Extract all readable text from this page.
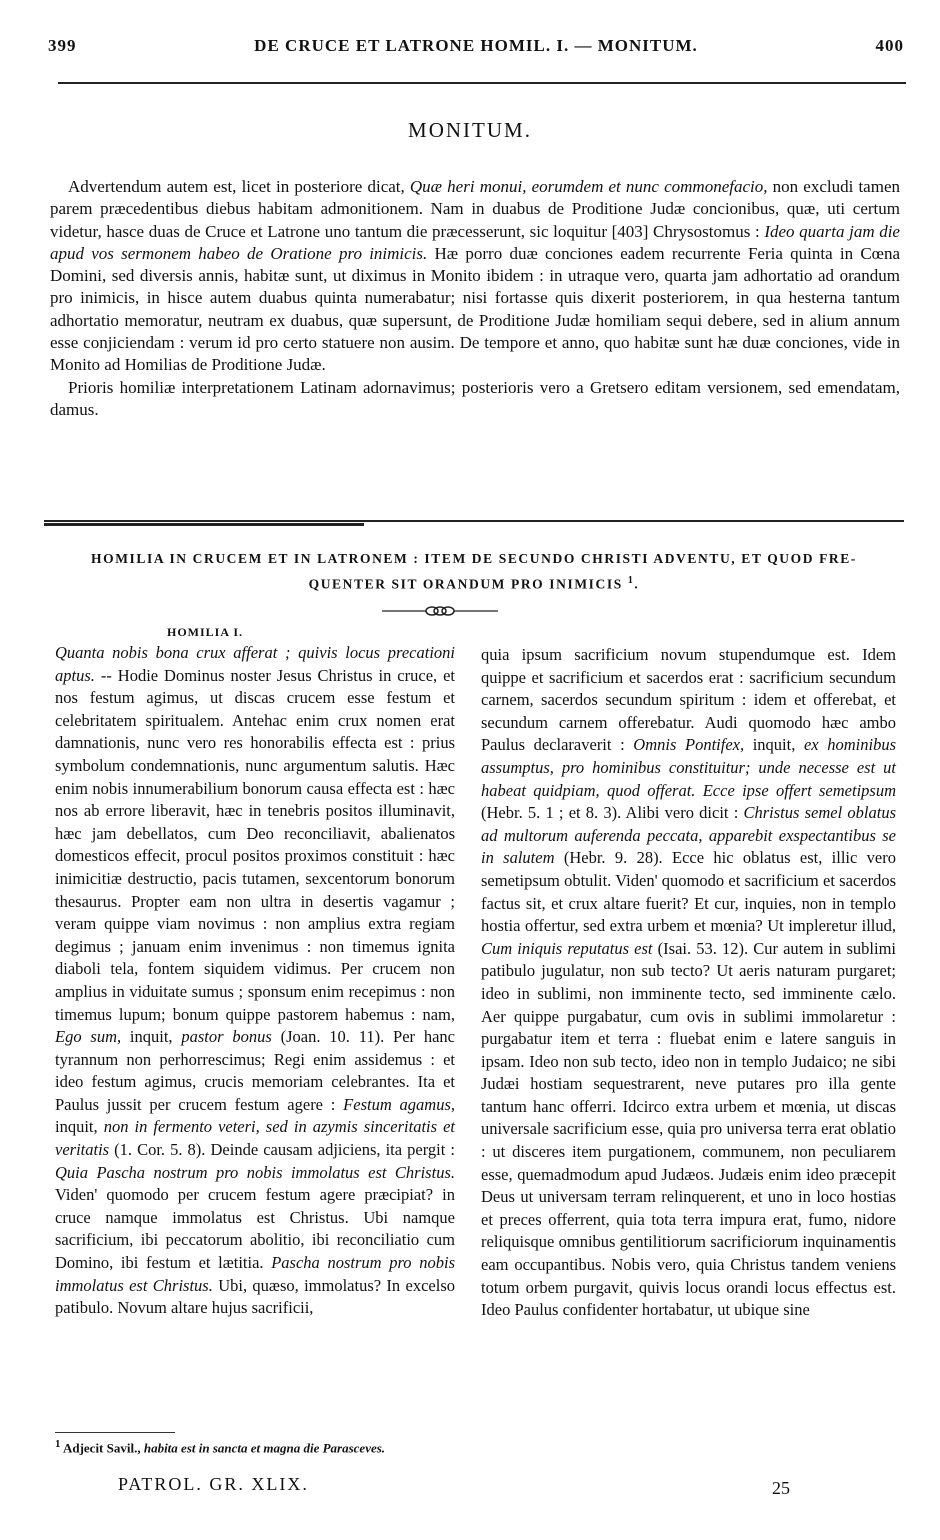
399	DE CRUCE ET LATRONE HOMIL. I. — MONITUM.	400
MONITUM.

Advertendum autem est, licet in posteriore dicat, Quæ heri monui, eorumdem et nunc commonefacio, non excludi tamen parem præcedentibus diebus habitam admonitionem. Nam in duabus de Proditione Judæ concionibus, quæ, uti certum videtur, hasce duas de Cruce et Latrone uno tantum die præcesserunt, sic loquitur [403] Chrysostomus : Ideo quarta jam die apud vos sermonem habeo de Oratione pro inimicis. Hæ porro duæ conciones eadem recurrente Feria quinta in Cœna Domini, sed diversis annis, habitæ sunt, ut diximus in Monito ibidem : in utraque vero, quarta jam adhortatio ad orandum pro inimicis, in hisce autem duabus quinta numerabatur; nisi fortasse quis dixerit posteriorem, in qua hesterna tantum adhortatio memoratur, neutram ex duabus, quæ supersunt, de Proditione Judæ homiliam sequi debere, sed in alium annum esse conjiciendam : verum id pro certo statuere non ausim. De tempore et anno, quo habitæ sunt hæ duæ conciones, vide in Monito ad Homilias de Proditione Judæ.

Prioris homiliæ interpretationem Latinam adornavimus; posterioris vero a Gretsero editam versionem, sed emendatam, damus.

HOMILIA IN CRUCEM ET IN LATRONEM : ITEM DE SECUNDO CHRISTI ADVENTU, ET QUOD FRE-
QUENTER SIT ORANDUM PRO INIMICIS $^1$.
HOMILIA I.

Quanta nobis bona crux afferat ; quivis locus precationi aptus. -- Hodie Dominus noster Jesus Christus in cruce, et nos festum agimus, ut discas crucem esse festum et celebritatem spiritualem. Antehac enim crux nomen erat damnationis, nunc vero res honorabilis effecta est : prius symbolum condemnationis, nunc argumentum salutis. Hæc enim nobis innumerabilium bonorum causa effecta est : hæc nos ab errore liberavit, hæc in tenebris positos illuminavit, hæc jam debellatos, cum Deo reconciliavit, abalienatos domesticos effecit, procul positos proximos constituit : hæc inimicitiæ destructio, pacis tutamen, sexcentorum bonorum thesaurus. Propter eam non ultra in desertis vagamur ; veram quippe viam novimus : non amplius extra regiam degimus ; januam enim invenimus : non timemus ignita diaboli tela, fontem siquidem vidimus. Per crucem non amplius in viduitate sumus ; sponsum enim recepimus : non timemus lupum; bonum quippe pastorem habemus : nam, Ego sum, inquit, pastor bonus (Joan. 10. 11). Per hanc tyrannum non perhorrescimus; Regi enim assidemus : et ideo festum agimus, crucis memoriam celebrantes. Ita et Paulus jussit per crucem festum agere : Festum agamus, inquit, non in fermento veteri, sed in azymis sinceritatis et veritatis (1. Cor. 5. 8). Deinde causam adjiciens, ita pergit : Quia Pascha nostrum pro nobis immolatus est Christus. Viden' quomodo per crucem festum agere præcipiat? in cruce namque immolatus est Christus. Ubi namque sacrificium, ibi peccatorum abolitio, ibi reconciliatio cum Domino, ibi festum et lætitia. Pascha nostrum pro nobis immolatus est Christus. Ubi, quæso, immolatus? In excelso patibulo. Novum altare hujus sacrificii,

quia ipsum sacrificium novum stupendumque est. Idem quippe et sacrificium et sacerdos erat : sacrificium secundum carnem, sacerdos secundum spiritum : idem et offerebat, et secundum carnem offerebatur. Audi quomodo hæc ambo Paulus declaraverit : Omnis Pontifex, inquit, ex hominibus assumptus, pro hominibus constituitur; unde necesse est ut habeat quidpiam, quod offerat. Ecce ipse offert semetipsum (Hebr. 5. 1 ; et 8. 3). Alibi vero dicit : Christus semel oblatus ad multorum auferenda peccata, apparebit exspectantibus se in salutem (Hebr. 9. 28). Ecce hic oblatus est, illic vero semetipsum obtulit. Viden' quomodo et sacrificium et sacerdos factus sit, et crux altare fuerit? Et cur, inquies, non in templo hostia offertur, sed extra urbem et mœnia? Ut impleretur illud, Cum iniquis reputatus est (Isai. 53. 12). Cur autem in sublimi patibulo jugulatur, non sub tecto? Ut aeris naturam purgaret; ideo in sublimi, non imminente tecto, sed imminente cælo. Aer quippe purgabatur, cum ovis in sublimi immolaretur : purgabatur item et terra : fluebat enim e latere sanguis in ipsam. Ideo non sub tecto, ideo non in templo Judaico; ne sibi Judæi hostiam sequestrarent, neve putares pro illa gente tantum hanc offerri. Idcirco extra urbem et mœnia, ut discas universale sacrificium esse, quia pro universa terra erat oblatio : ut disceres item purgationem, communem, non peculiarem esse, quemadmodum apud Judæos. Judæis enim ideo præcepit Deus ut universam terram relinquerent, et uno in loco hostias et preces offerrent, quia tota terra impura erat, fumo, nidore reliquisque omnibus gentilitiorum sacrificiorum inquinamentis eam occupantibus. Nobis vero, quia Christus tandem veniens totum orbem purgavit, quivis locus orandi locus effectus est. Ideo Paulus confidenter hortabatur, ut ubique sine

$^1$ Adjecit Savil., habita est in sancta et magna die Parasceves.
PATROL. GR. XLIX.	25
